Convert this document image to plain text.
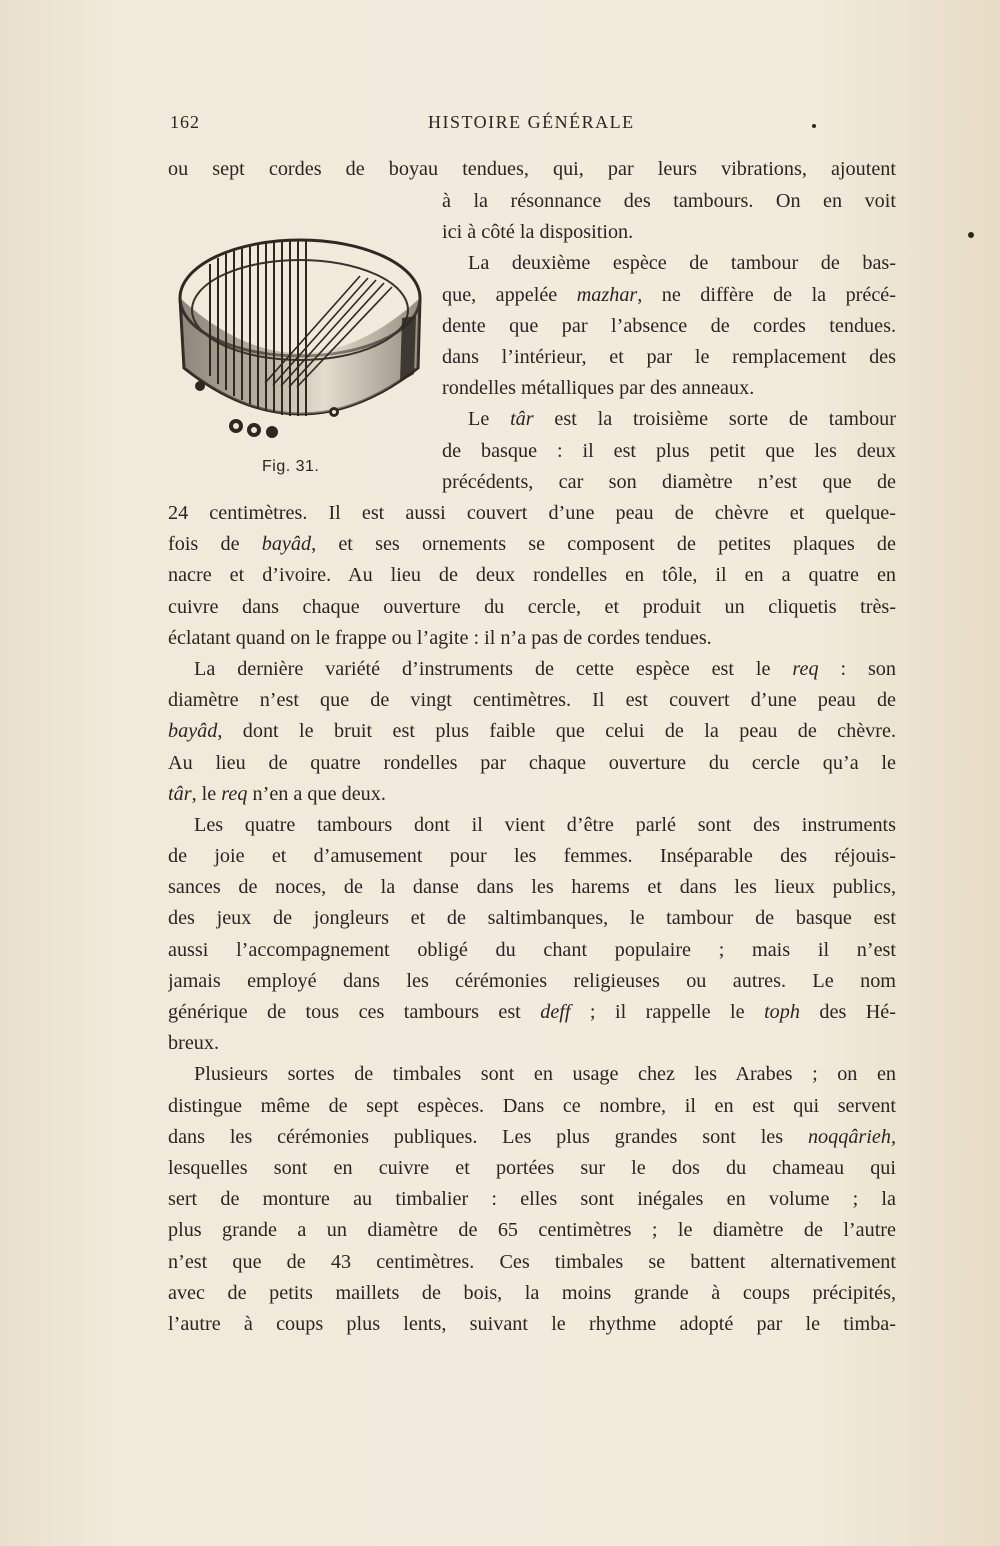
162	HISTOIRE GÉNÉRALE
ou sept cordes de boyau tendues, qui, par leurs vibrations, ajoutent
Fig. 31.
à la résonnance des tambours. On en voit
ici à côté la disposition.
La deuxième espèce de tambour de bas-
que, appelée mazhar, ne diffère de la précé-
dente que par l’absence de cordes tendues.
dans l’intérieur, et par le remplacement des
rondelles métalliques par des anneaux.
Le târ est la troisième sorte de tambour
de basque : il est plus petit que les deux
précédents, car son diamètre n’est que de
24 centimètres. Il est aussi couvert d’une peau de chèvre et quelque-
fois de bayâd, et ses ornements se composent de petites plaques de
nacre et d’ivoire. Au lieu de deux rondelles en tôle, il en a quatre en
cuivre dans chaque ouverture du cercle, et produit un cliquetis très-
éclatant quand on le frappe ou l’agite : il n’a pas de cordes tendues.
La dernière variété d’instruments de cette espèce est le req : son
diamètre n’est que de vingt centimètres. Il est couvert d’une peau de
bayâd, dont le bruit est plus faible que celui de la peau de chèvre.
Au lieu de quatre rondelles par chaque ouverture du cercle qu’a le
târ, le req n’en a que deux.
Les quatre tambours dont il vient d’être parlé sont des instruments
de joie et d’amusement pour les femmes. Inséparable des réjouis-
sances de noces, de la danse dans les harems et dans les lieux publics,
des jeux de jongleurs et de saltimbanques, le tambour de basque est
aussi l’accompagnement obligé du chant populaire ; mais il n’est
jamais employé dans les cérémonies religieuses ou autres. Le nom
générique de tous ces tambours est deff ; il rappelle le toph des Hé-
breux.
Plusieurs sortes de timbales sont en usage chez les Arabes ; on en
distingue même de sept espèces. Dans ce nombre, il en est qui servent
dans les cérémonies publiques. Les plus grandes sont les noqqârieh,
lesquelles sont en cuivre et portées sur le dos du chameau qui
sert de monture au timbalier : elles sont inégales en volume ; la
plus grande a un diamètre de 65 centimètres ; le diamètre de l’autre
n’est que de 43 centimètres. Ces timbales se battent alternativement
avec de petits maillets de bois, la moins grande à coups précipités,
l’autre à coups plus lents, suivant le rhythme adopté par le timba-
